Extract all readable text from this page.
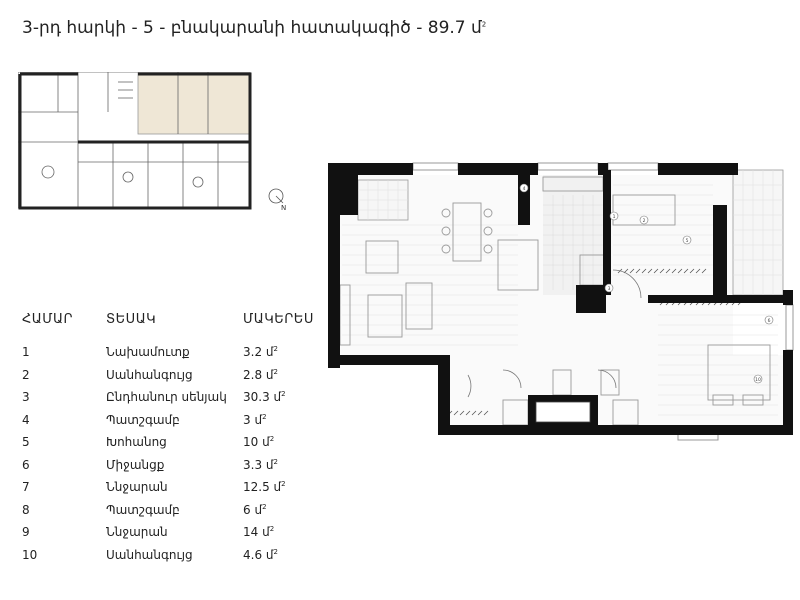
3-րդ հարկի - 5 - բնակարանի հատակագիծ - 89.7 մ$^2$
N
ՀԱՄԱՐ	ՏԵՍԱԿ	ՄԱԿԵՐԵՍ
1	Նախամուտք	3.2 մ$^2$
2	Սանհանգույց	2.8 մ$^2$
3	Ընդհանուր սենյակ	30.3 մ$^2$
4	Պատշգամբ	3 մ$^2$
5	Խոհանոց	10 մ$^2$
6	Միջանցք	3.3 մ$^2$
7	Ննջարան	12.5 մ$^2$
8	Պատշգամբ	6 մ$^2$
9	Ննջարան	14 մ$^2$
10	Սանհանգույց	4.6 մ$^2$
1
2
3
4
5
6
10
